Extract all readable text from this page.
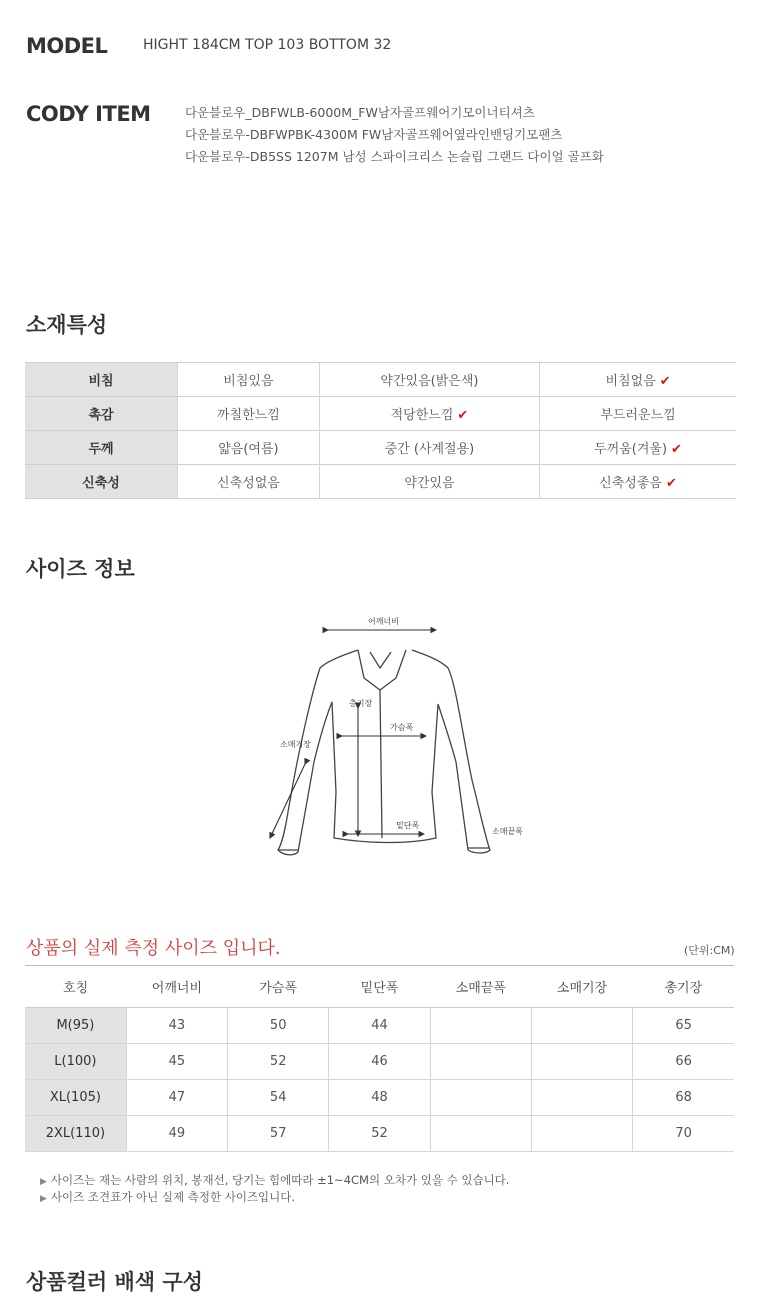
MODEL	HIGHT 184CM TOP 103 BOTTOM 32
CODY ITEM	다운블로우_DBFWLB-6000M_FW남자골프웨어기모이너티셔츠
다운블로우-DBFWPBK-4300M FW남자골프웨어옆라인밴딩기모팬츠
다운블로우-DB5SS 1207M 남성 스파이크리스 논슬립 그랜드 다이얼 골프화
소재특성
비침	비침있음	약간있음(밝은색)	비침없음 ✔
촉감	까칠한느낌	적당한느낌 ✔	부드러운느낌
두께	얇음(여름)	중간 (사계절용)	두꺼움(겨울) ✔
신축성	신축성없음	약간있음	신축성좋음 ✔
사이즈 정보
어깨너비
총기장
가슴폭
소매기장
밑단폭
소매끝폭
상품의 실제 측정 사이즈 입니다.	(단위:CM)
호칭	어깨너비	가슴폭	밑단폭	소매끝폭	소매기장	총기장
M(95)	43	50	44			65
L(100)	45	52	46			66
XL(105)	47	54	48			68
2XL(110)	49	57	52			70
▶ 사이즈는 재는 사람의 위치, 봉재선, 당기는 힘에따라 ±1~4CM의 오차가 있을 수 있습니다.
▶ 사이즈 조견표가 아닌 실제 측정한 사이즈입니다.
상품컬러 배색 구성
